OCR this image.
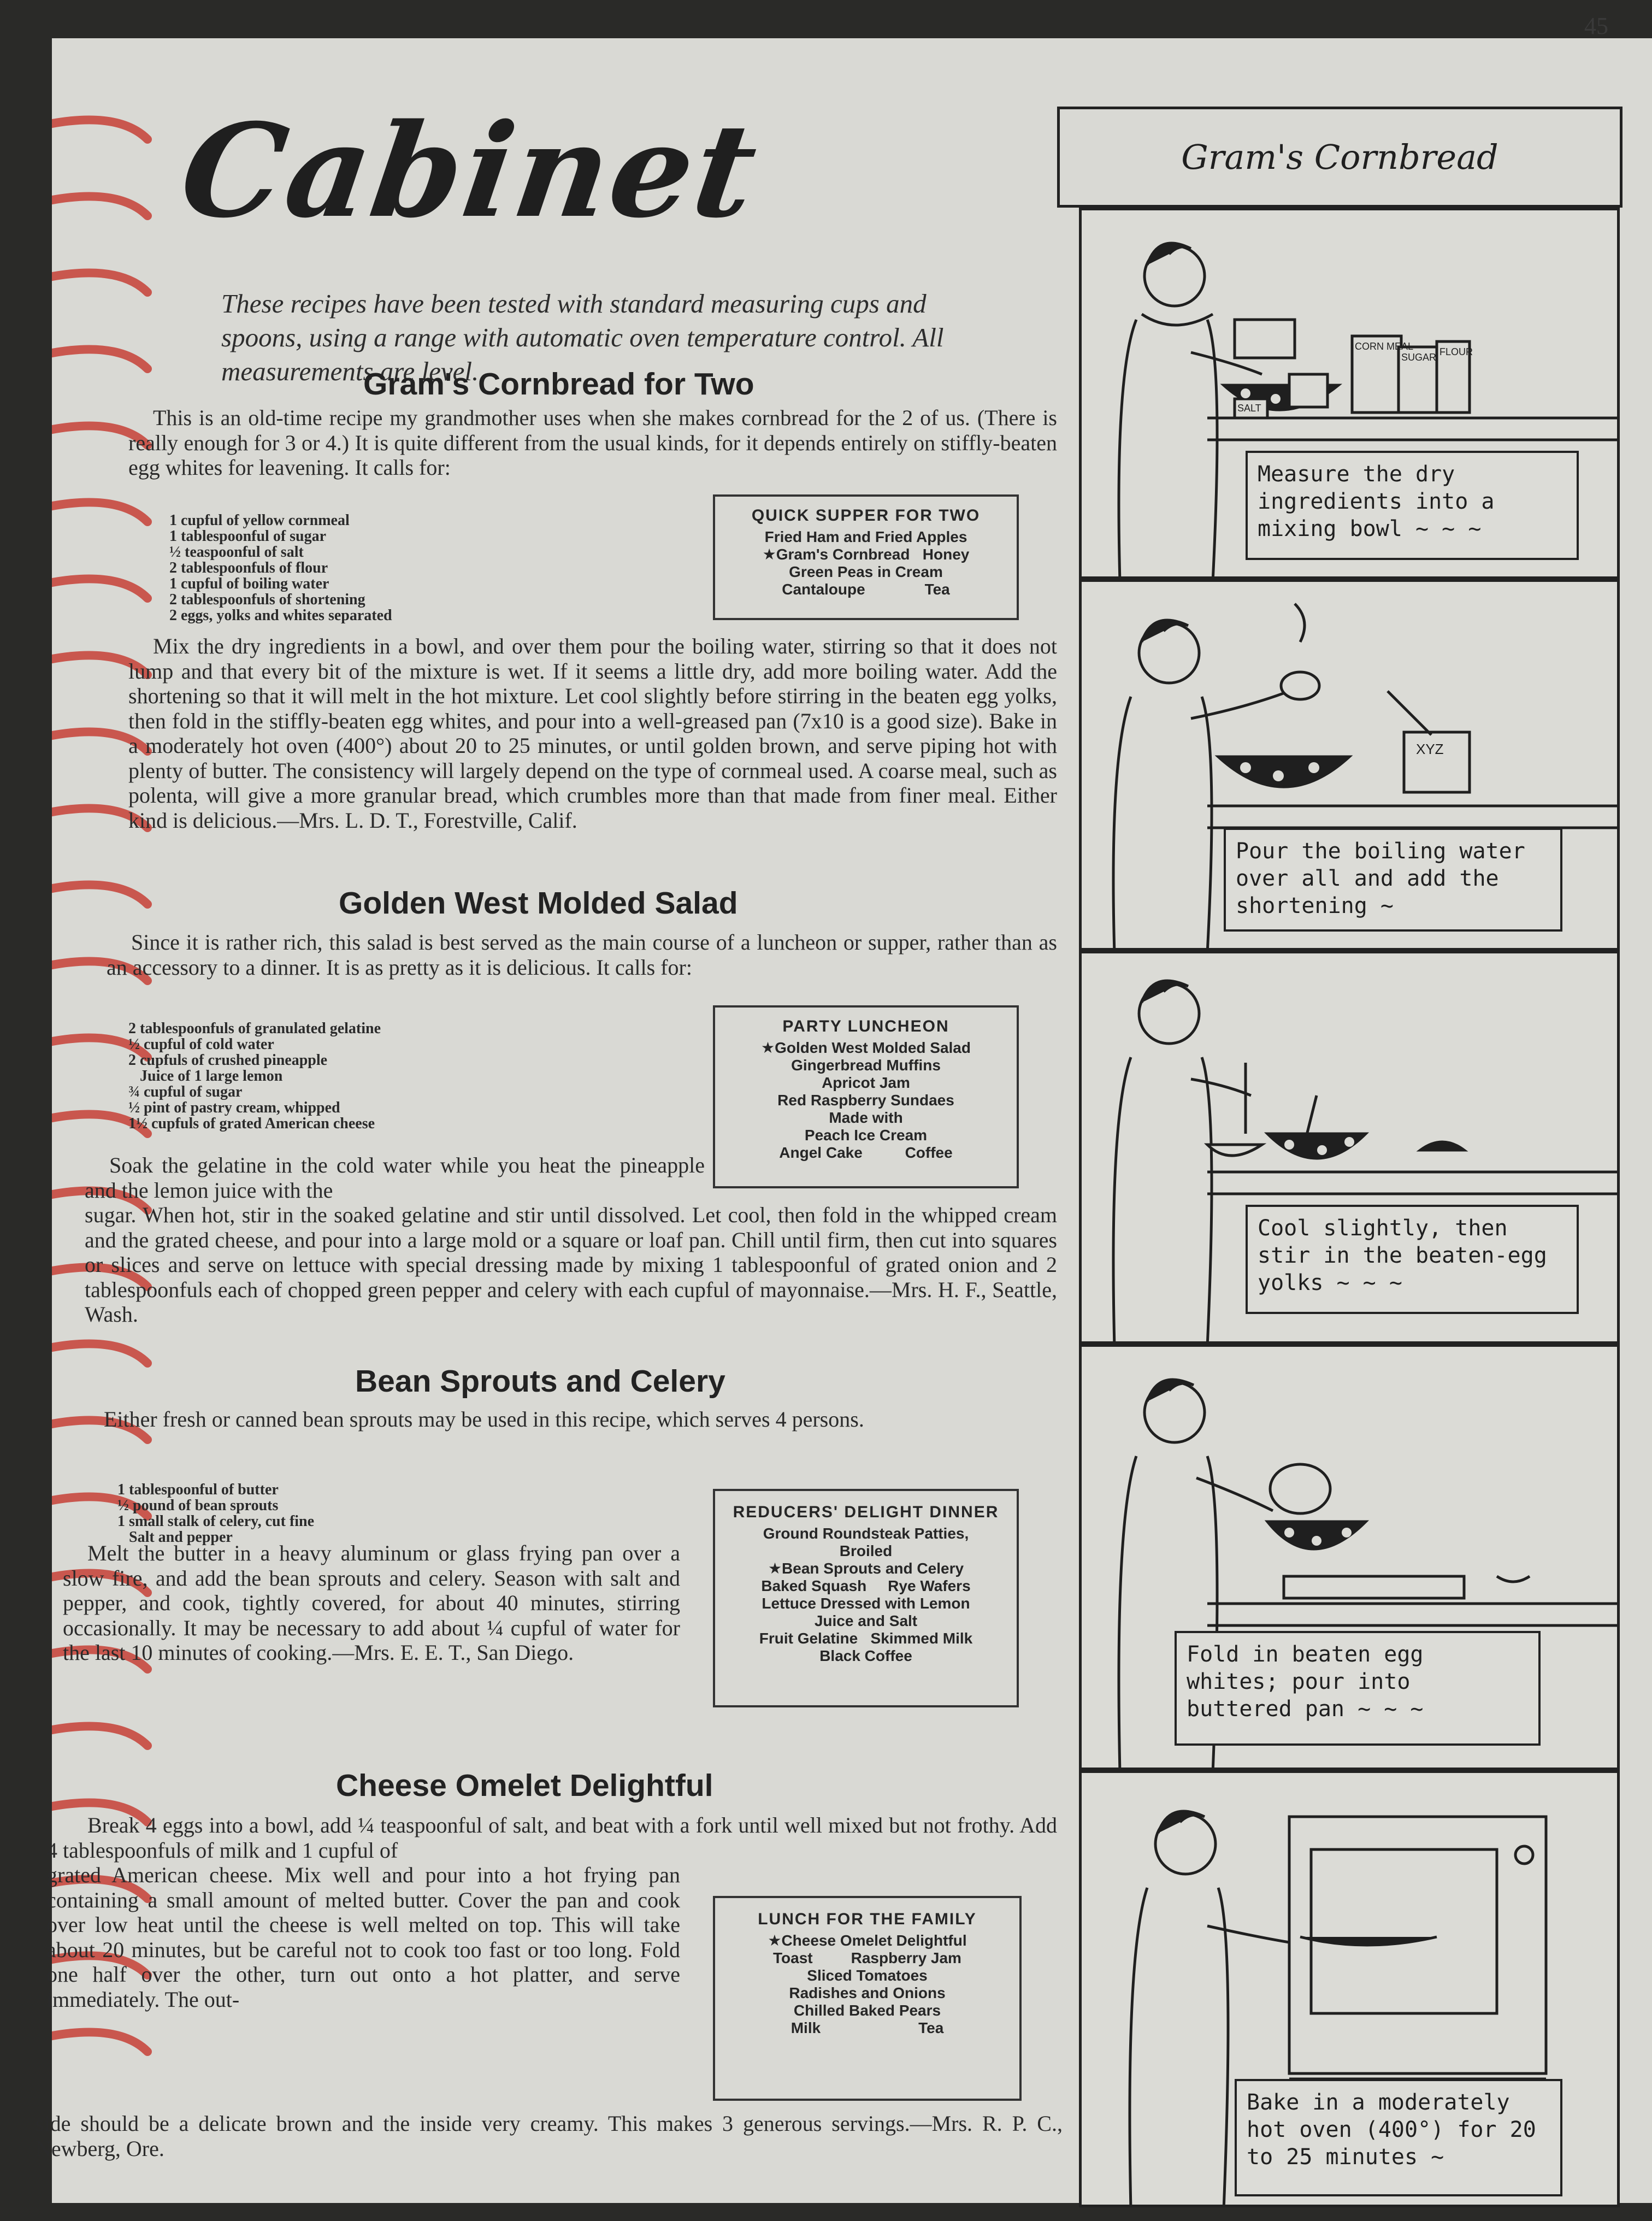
45
Cabinet
These recipes have been tested with standard measuring cups and spoons, using a range with automatic oven temperature control. All measurements are level.
Gram's Cornbread for Two
This is an old-time recipe my grandmother uses when she makes cornbread for the 2 of us. (There is really enough for 3 or 4.) It is quite different from the usual kinds, for it depends entirely on stiffly-beaten egg whites for leavening. It calls for:
1 cupful of yellow cornmeal
1 tablespoonful of sugar
½ teaspoonful of salt
2 tablespoonfuls of flour
1 cupful of boiling water
2 tablespoonfuls of shortening
2 eggs, yolks and whites separated
QUICK SUPPER FOR TWO
Fried Ham and Fried Apples
★Gram's Cornbread   Honey
Green Peas in Cream
Cantaloupe              Tea
Mix the dry ingredients in a bowl, and over them pour the boiling water, stirring so that it does not lump and that every bit of the mixture is wet. If it seems a little dry, add more boiling water. Add the shortening so that it will melt in the hot mixture. Let cool slightly before stirring in the beaten egg yolks, then fold in the stiffly-beaten egg whites, and pour into a well-greased pan (7x10 is a good size). Bake in a moderately hot oven (400°) about 20 to 25 minutes, or until golden brown, and serve piping hot with plenty of butter. The consistency will largely depend on the type of cornmeal used. A coarse meal, such as polenta, will give a more granular bread, which crumbles more than that made from finer meal. Either kind is delicious.—Mrs. L. D. T., Forestville, Calif.
Golden West Molded Salad
Since it is rather rich, this salad is best served as the main course of a luncheon or supper, rather than as an accessory to a dinner. It is as pretty as it is delicious. It calls for:
2 tablespoonfuls of granulated gelatine
½ cupful of cold water
2 cupfuls of crushed pineapple
Juice of 1 large lemon
¾ cupful of sugar
½ pint of pastry cream, whipped
1½ cupfuls of grated American cheese
PARTY LUNCHEON
★Golden West Molded Salad
Gingerbread Muffins
Apricot Jam
Red Raspberry Sundaes
Made with
Peach Ice Cream
Angel Cake          Coffee
Soak the gelatine in the cold water while you heat the pineapple and the lemon juice with the
sugar. When hot, stir in the soaked gelatine and stir until dissolved. Let cool, then fold in the whipped cream and the grated cheese, and pour into a large mold or a square or loaf pan. Chill until firm, then cut into squares or slices and serve on lettuce with special dressing made by mixing 1 tablespoonful of grated onion and 2 tablespoonfuls each of chopped green pepper and celery with each cupful of mayonnaise.—Mrs. H. F., Seattle, Wash.
Bean Sprouts and Celery
Either fresh or canned bean sprouts may be used in this recipe, which serves 4 persons.
1 tablespoonful of butter
½ pound of bean sprouts
1 small stalk of celery, cut fine
Salt and pepper
REDUCERS' DELIGHT DINNER
Ground Roundsteak Patties,
Broiled
★Bean Sprouts and Celery
Baked Squash     Rye Wafers
Lettuce Dressed with Lemon
Juice and Salt
Fruit Gelatine   Skimmed Milk
Black Coffee
Melt the butter in a heavy aluminum or glass frying pan over a slow fire, and add the bean sprouts and celery. Season with salt and pepper, and cook, tightly covered, for about 40 minutes, stirring occasionally. It may be necessary to add about ¼ cupful of water for the last 10 minutes of cooking.—Mrs. E. E. T., San Diego.
Cheese Omelet Delightful
Break 4 eggs into a bowl, add ¼ teaspoonful of salt, and beat with a fork until well mixed but not frothy. Add 4 tablespoonfuls of milk and 1 cupful of
grated American cheese. Mix well and pour into a hot frying pan containing a small amount of melted butter. Cover the pan and cook over low heat until the cheese is well melted on top. This will take about 20 minutes, but be careful not to cook too fast or too long. Fold one half over the other, turn out onto a hot platter, and serve immediately. The out-
LUNCH FOR THE FAMILY
★Cheese Omelet Delightful
Toast         Raspberry Jam
Sliced Tomatoes
Radishes and Onions
Chilled Baked Pears
Milk                       Tea
side should be a delicate brown and the inside very creamy. This makes 3 generous servings.—Mrs. R. P. C., Newberg, Ore.
Gram's Cornbread
SALT
CORN MEAL
SUGAR FLOUR
Measure the dry ingredients into a mixing bowl ~ ~ ~
XYZ
Pour the boiling water over all and add the shortening ~
Cool slightly, then stir in the beaten-egg yolks ~ ~ ~
Fold in beaten egg whites; pour into buttered pan ~ ~ ~
Bake in a moderately hot oven (400°) for 20 to 25 minutes ~
